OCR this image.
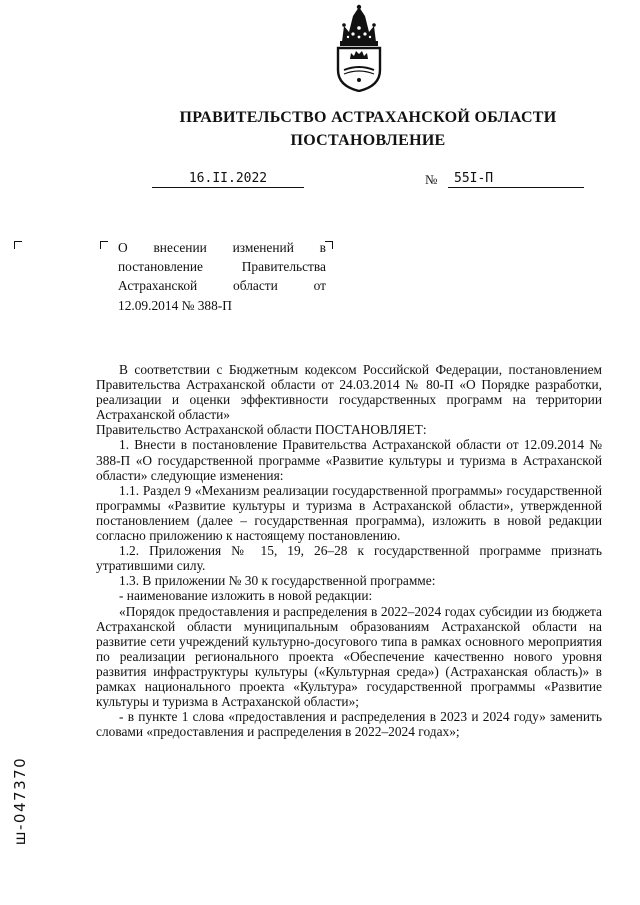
ПРАВИТЕЛЬСТВО АСТРАХАНСКОЙ ОБЛАСТИ
ПОСТАНОВЛЕНИЕ
16.II.2022	№	55I-П
О внесении изменений в
постановление Правительства
Астраханской области от
12.09.2014 № 388-П

В соответствии с Бюджетным кодексом Российской Федерации, постановлением Правительства Астраханской области от 24.03.2014 № 80-П «О Порядке разработки, реализации и оценки эффективности государственных программ на территории Астраханской области»

Правительство Астраханской области ПОСТАНОВЛЯЕТ:

1. Внести в постановление Правительства Астраханской области от 12.09.2014 № 388-П «О государственной программе «Развитие культуры и туризма в Астраханской области» следующие изменения:

1.1. Раздел 9 «Механизм реализации государственной программы» государственной программы «Развитие культуры и туризма в Астраханской области», утвержденной постановлением (далее – государственная программа), изложить в новой редакции согласно приложению к настоящему постановлению.

1.2. Приложения № 15, 19, 26–28 к государственной программе признать утратившими силу.

1.3. В приложении № 30 к государственной программе:

- наименование изложить в новой редакции:

«Порядок предоставления и распределения в 2022–2024 годах субсидии из бюджета Астраханской области муниципальным образованиям Астраханской области на развитие сети учреждений культурно-досугового типа в рамках основного мероприятия по реализации регионального проекта «Обеспечение качественно нового уровня развития инфраструктуры культуры («Культурная среда») (Астраханская область)» в рамках национального проекта «Культура» государственной программы «Развитие культуры и туризма в Астраханской области»;

- в пункте 1 слова «предоставления и распределения в 2023 и 2024 году» заменить словами «предоставления и распределения в 2022–2024 годах»;

ш-047370
